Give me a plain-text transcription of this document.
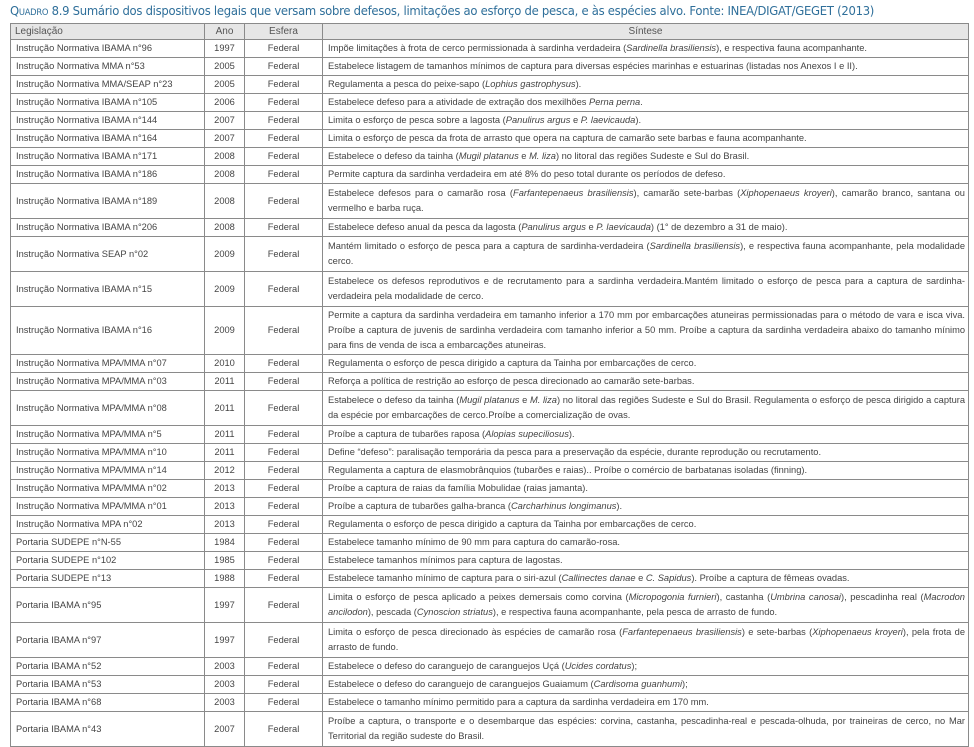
Quadro 8.9 Sumário dos dispositivos legais que versam sobre defesos, limitações ao esforço de pesca, e às espécies alvo. Fonte: INEA/DIGAT/GEGET (2013)
Legislação	Ano	Esfera	Síntese
Instrução Normativa IBAMA n°96	1997	Federal	Impõe limitações à frota de cerco permissionada à sardinha verdadeira (Sardinella brasiliensis), e respectiva fauna acompanhante.
Instrução Normativa MMA n°53	2005	Federal	Estabelece listagem de tamanhos mínimos de captura para diversas espécies marinhas e estuarinas (listadas nos Anexos I e II).
Instrução Normativa MMA/SEAP n°23	2005	Federal	Regulamenta a pesca do peixe-sapo (Lophius gastrophysus).
Instrução Normativa IBAMA n°105	2006	Federal	Estabelece defeso para a atividade de extração dos mexilhões Perna perna.
Instrução Normativa IBAMA n°144	2007	Federal	Limita o esforço de pesca sobre a lagosta (Panulirus argus e P. laevicauda).
Instrução Normativa IBAMA n°164	2007	Federal	Limita o esforço de pesca da frota de arrasto que opera na captura de camarão sete barbas e fauna acompanhante.
Instrução Normativa IBAMA n°171	2008	Federal	Estabelece o defeso da tainha (Mugil platanus e M. liza) no litoral das regiões Sudeste e Sul do Brasil.
Instrução Normativa IBAMA n°186	2008	Federal	Permite captura da sardinha verdadeira em até 8% do peso total durante os períodos de defeso.
Instrução Normativa IBAMA n°189	2008	Federal	Estabelece defesos para o camarão rosa (Farfantepenaeus brasiliensis), camarão sete-barbas (Xiphopenaeus kroyeri), camarão branco, santana ou vermelho e barba ruça.
Instrução Normativa IBAMA n°206	2008	Federal	Estabelece defeso anual da pesca da lagosta (Panulirus argus e P. laevicauda) (1° de dezembro a 31 de maio).
Instrução Normativa SEAP n°02	2009	Federal	Mantém limitado o esforço de pesca para a captura de sardinha-verdadeira (Sardinella brasiliensis), e respectiva fauna acompanhante, pela modalidade cerco.
Instrução Normativa IBAMA n°15	2009	Federal	Estabelece os defesos reprodutivos e de recrutamento para a sardinha verdadeira.Mantém limitado o esforço de pesca para a captura de sardinha-verdadeira pela modalidade de cerco.
Instrução Normativa IBAMA n°16	2009	Federal	Permite a captura da sardinha verdadeira em tamanho inferior a 170 mm por embarcações atuneiras permissionadas para o método de vara e isca viva. Proíbe a captura de juvenis de sardinha verdadeira com tamanho inferior a 50 mm. Proíbe a captura da sardinha verdadeira abaixo do tamanho mínimo para fins de venda de isca a embarcações atuneiras.
Instrução Normativa MPA/MMA n°07	2010	Federal	Regulamenta o esforço de pesca dirigido a captura da Tainha por embarcações de cerco.
Instrução Normativa MPA/MMA n°03	2011	Federal	Reforça a política de restrição ao esforço de pesca direcionado ao camarão sete-barbas.
Instrução Normativa MPA/MMA n°08	2011	Federal	Estabelece o defeso da tainha (Mugil platanus e M. liza) no litoral das regiões Sudeste e Sul do Brasil. Regulamenta o esforço de pesca dirigido a captura da espécie por embarcações de cerco.Proíbe a comercialização de ovas.
Instrução Normativa MPA/MMA n°5	2011	Federal	Proíbe a captura de tubarões raposa (Alopias supeciliosus).
Instrução Normativa MPA/MMA n°10	2011	Federal	Define “defeso”: paralisação temporária da pesca para a preservação da espécie, durante reprodução ou recrutamento.
Instrução Normativa MPA/MMA n°14	2012	Federal	Regulamenta a captura de elasmobrânquios (tubarões e raias).. Proíbe o comércio de barbatanas isoladas (finning).
Instrução Normativa MPA/MMA n°02	2013	Federal	Proíbe a captura de raias da família Mobulidae (raias jamanta).
Instrução Normativa MPA/MMA n°01	2013	Federal	Proíbe a captura de tubarões galha-branca (Carcharhinus longimanus).
Instrução Normativa MPA n°02	2013	Federal	Regulamenta o esforço de pesca dirigido a captura da Tainha por embarcações de cerco.
Portaria SUDEPE n°N-55	1984	Federal	Estabelece tamanho mínimo de 90 mm para captura do camarão-rosa.
Portaria SUDEPE n°102	1985	Federal	Estabelece tamanhos mínimos para captura de lagostas.
Portaria SUDEPE n°13	1988	Federal	Estabelece tamanho mínimo de captura para o siri-azul (Callinectes danae e C. Sapidus). Proíbe a captura de fêmeas ovadas.
Portaria IBAMA n°95	1997	Federal	Limita o esforço de pesca aplicado a peixes demersais como corvina (Micropogonia furnieri), castanha (Umbrina canosai), pescadinha real (Macrodon ancilodon), pescada (Cynoscion striatus), e respectiva fauna acompanhante, pela pesca de arrasto de fundo.
Portaria IBAMA n°97	1997	Federal	Limita o esforço de pesca direcionado às espécies de camarão rosa (Farfantepenaeus brasiliensis) e sete-barbas (Xiphopenaeus kroyeri), pela frota de arrasto de fundo.
Portaria IBAMA n°52	2003	Federal	Estabelece o defeso do caranguejo de caranguejos Uçá (Ucides cordatus);
Portaria IBAMA n°53	2003	Federal	Estabelece o defeso do caranguejo de caranguejos Guaiamum (Cardisoma guanhumi);
Portaria IBAMA n°68	2003	Federal	Estabelece o tamanho mínimo permitido para a captura da sardinha verdadeira em 170 mm.
Portaria IBAMA n°43	2007	Federal	Proíbe a captura, o transporte e o desembarque das espécies: corvina, castanha, pescadinha-real e pescada-olhuda, por traineiras de cerco, no Mar Territorial da região sudeste do Brasil.
